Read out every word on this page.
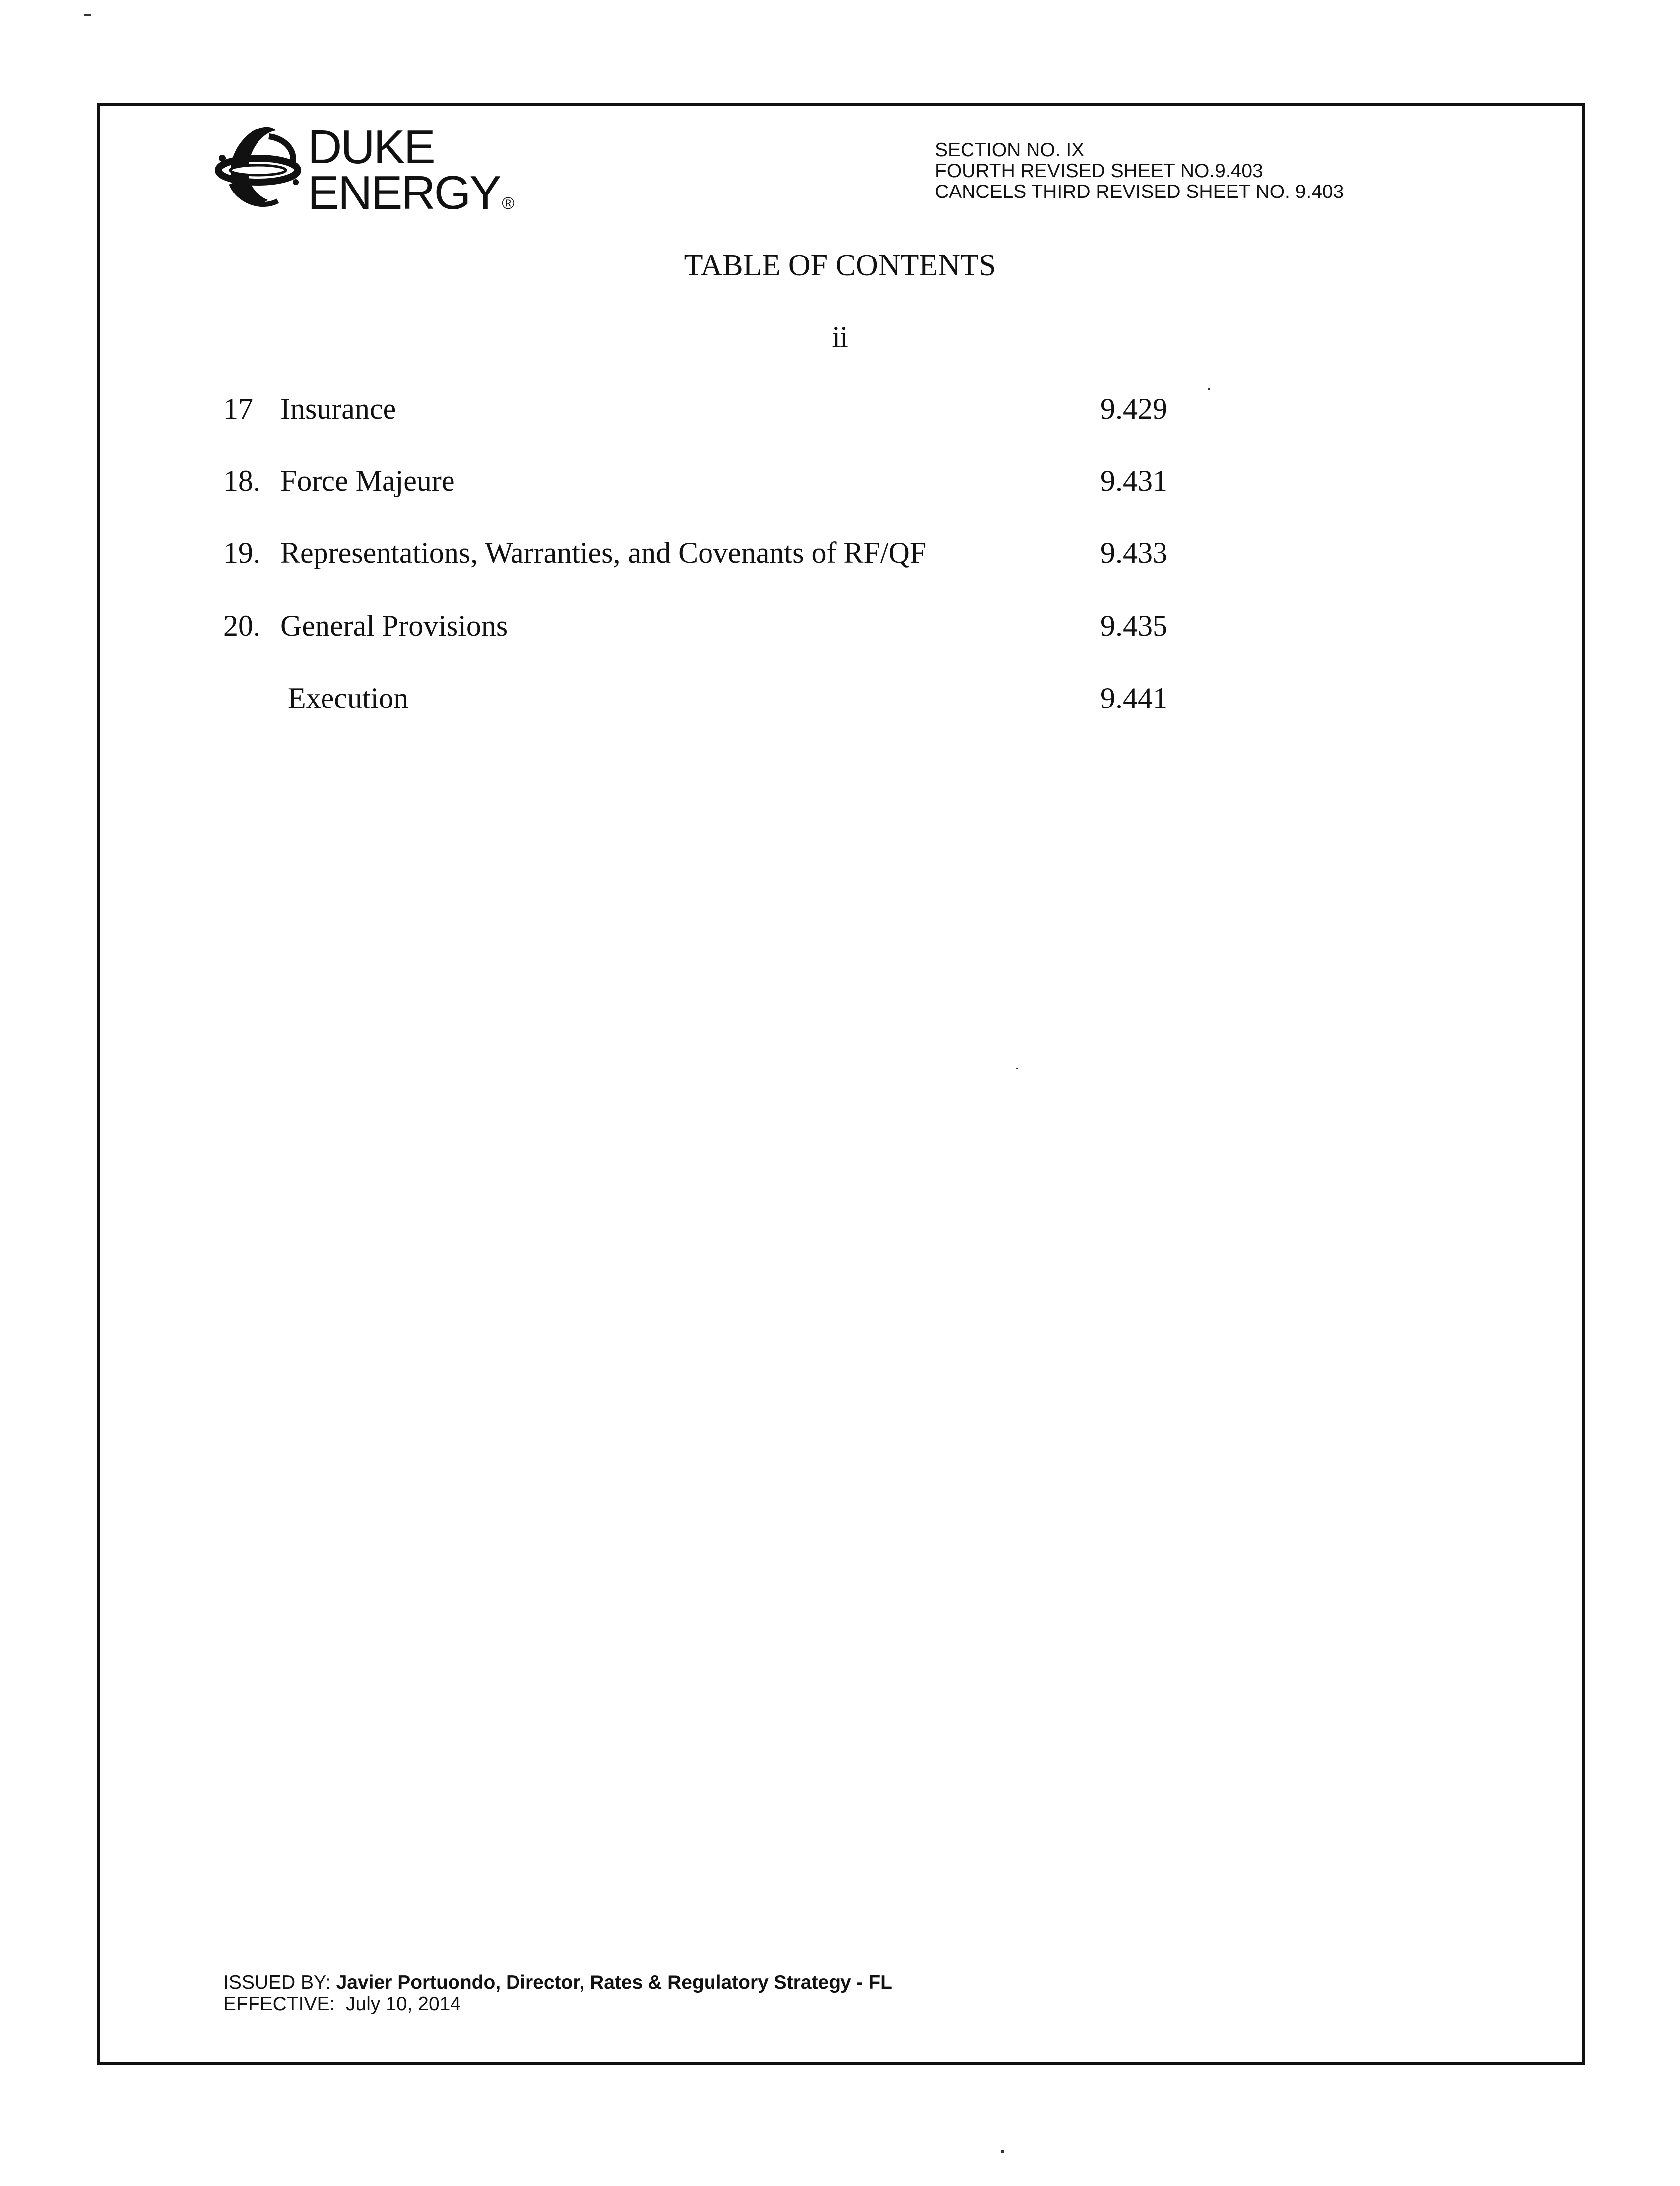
DUKE
ENERGY ®
SECTION NO. IX
FOURTH REVISED SHEET NO.9.403
CANCELS THIRD REVISED SHEET NO. 9.403
TABLE OF CONTENTS
ii
17 Insurance	9.429
18. Force Majeure	9.431
19. Representations, Warranties, and Covenants of RF/QF	9.433
20. General Provisions	9.435
Execution	9.441
ISSUED BY: Javier Portuondo, Director, Rates & Regulatory Strategy - FL
EFFECTIVE: July 10, 2014
